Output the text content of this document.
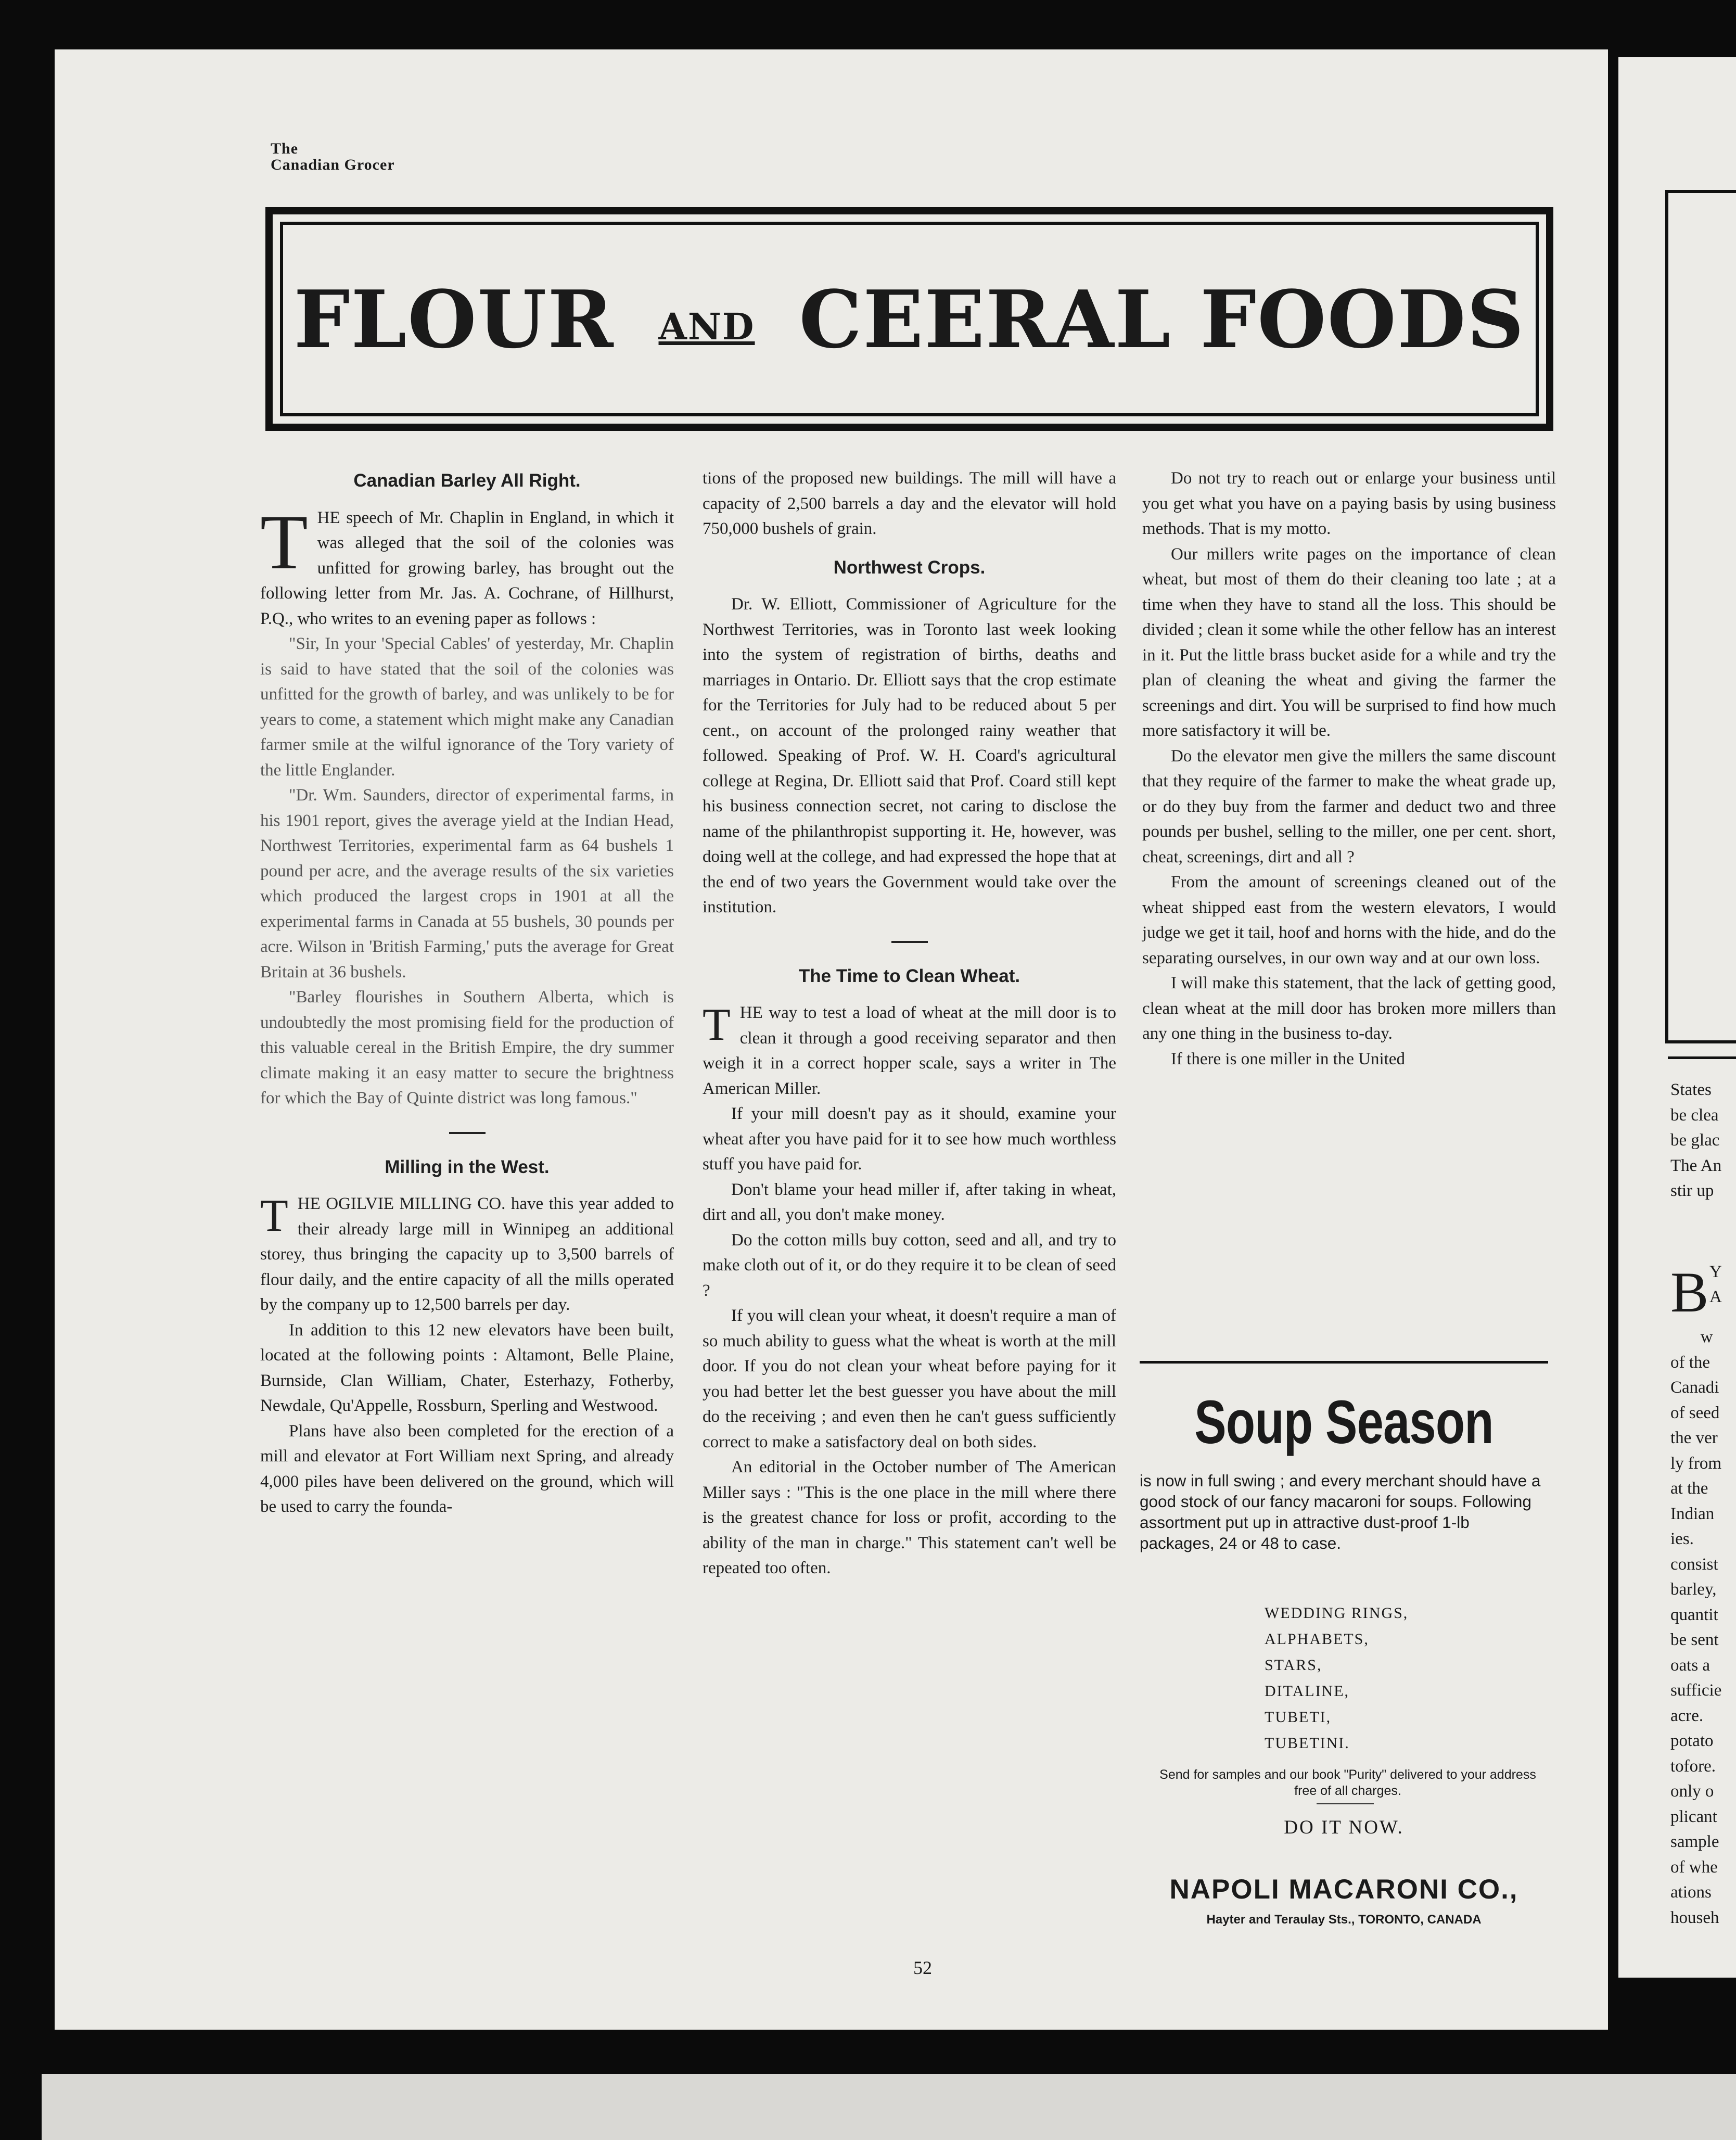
The
Canadian Grocer
FLOUR AND CEERAL FOODS
Canadian Barley All Right.

THE speech of Mr. Chaplin in England, in which it was alleged that the soil of the colonies was unfitted for growing barley, has brought out the following letter from Mr. Jas. A. Cochrane, of Hillhurst, P.Q., who writes to an evening paper as follows :

"Sir, In your 'Special Cables' of yesterday, Mr. Chaplin is said to have stated that the soil of the colonies was unfitted for the growth of barley, and was unlikely to be for years to come, a statement which might make any Canadian farmer smile at the wilful ignorance of the Tory variety of the little Englander.

"Dr. Wm. Saunders, director of experimental farms, in his 1901 report, gives the average yield at the Indian Head, Northwest Territories, experimental farm as 64 bushels 1 pound per acre, and the average results of the six varieties which produced the largest crops in 1901 at all the experimental farms in Canada at 55 bushels, 30 pounds per acre. Wilson in 'British Farming,' puts the average for Great Britain at 36 bushels.

"Barley flourishes in Southern Alberta, which is undoubtedly the most promising field for the production of this valuable cereal in the British Empire, the dry summer climate making it an easy matter to secure the brightness for which the Bay of Quinte district was long famous."

Milling in the West.

THE OGILVIE MILLING CO. have this year added to their already large mill in Winnipeg an additional storey, thus bringing the capacity up to 3,500 barrels of flour daily, and the entire capacity of all the mills operated by the company up to 12,500 barrels per day.

In addition to this 12 new elevators have been built, located at the following points : Altamont, Belle Plaine, Burnside, Clan William, Chater, Esterhazy, Fotherby, Newdale, Qu'Appelle, Rossburn, Sperling and Westwood.

Plans have also been completed for the erection of a mill and elevator at Fort William next Spring, and already 4,000 piles have been delivered on the ground, which will be used to carry the founda-

tions of the proposed new buildings. The mill will have a capacity of 2,500 barrels a day and the elevator will hold 750,000 bushels of grain.

Northwest Crops.

Dr. W. Elliott, Commissioner of Agriculture for the Northwest Territories, was in Toronto last week looking into the system of registration of births, deaths and marriages in Ontario. Dr. Elliott says that the crop estimate for the Territories for July had to be reduced about 5 per cent., on account of the prolonged rainy weather that followed. Speaking of Prof. W. H. Coard's agricultural college at Regina, Dr. Elliott said that Prof. Coard still kept his business connection secret, not caring to disclose the name of the philanthropist supporting it. He, however, was doing well at the college, and had expressed the hope that at the end of two years the Government would take over the institution.

The Time to Clean Wheat.

THE way to test a load of wheat at the mill door is to clean it through a good receiving separator and then weigh it in a correct hopper scale, says a writer in The American Miller.

If your mill doesn't pay as it should, examine your wheat after you have paid for it to see how much worthless stuff you have paid for.

Don't blame your head miller if, after taking in wheat, dirt and all, you don't make money.

Do the cotton mills buy cotton, seed and all, and try to make cloth out of it, or do they require it to be clean of seed ?

If you will clean your wheat, it doesn't require a man of so much ability to guess what the wheat is worth at the mill door. If you do not clean your wheat before paying for it you had better let the best guesser you have about the mill do the receiving ; and even then he can't guess sufficiently correct to make a satisfactory deal on both sides.

An editorial in the October number of The American Miller says : "This is the one place in the mill where there is the greatest chance for loss or profit, according to the ability of the man in charge." This statement can't well be repeated too often.

Do not try to reach out or enlarge your business until you get what you have on a paying basis by using business methods. That is my motto.

Our millers write pages on the importance of clean wheat, but most of them do their cleaning too late ; at a time when they have to stand all the loss. This should be divided ; clean it some while the other fellow has an interest in it. Put the little brass bucket aside for a while and try the plan of cleaning the wheat and giving the farmer the screenings and dirt. You will be surprised to find how much more satisfactory it will be.

Do the elevator men give the millers the same discount that they require of the farmer to make the wheat grade up, or do they buy from the farmer and deduct two and three pounds per bushel, selling to the miller, one per cent. short, cheat, screenings, dirt and all ?

From the amount of screenings cleaned out of the wheat shipped east from the western elevators, I would judge we get it tail, hoof and horns with the hide, and do the separating ourselves, in our own way and at our own loss.

I will make this statement, that the lack of getting good, clean wheat at the mill door has broken more millers than any one thing in the business to-day.

If there is one miller in the United

Soup Season
is now in full swing ; and every merchant should have a good stock of our fancy macaroni for soups. Following assortment put up in attractive dust-proof 1-lb packages, 24 or 48 to case.
WEDDING RINGS,
ALPHABETS,
STARS,
DITALINE,
TUBETI,
TUBETINI.
Send for samples and our book "Purity" delivered to your address free of all charges.
DO IT NOW.
NAPOLI MACARONI CO.,
Hayter and Teraulay Sts., TORONTO, CANADA
52
States
be clea
be glac
The An
stir up
B Y
A
w
of the
Canadi
of seed
the ver
ly from
at the
Indian
ies.
consist
barley,
quantit
be sent
oats a
sufficie
acre.
potato
tofore.
only o
plicant
sample
of whe
ations
househ
